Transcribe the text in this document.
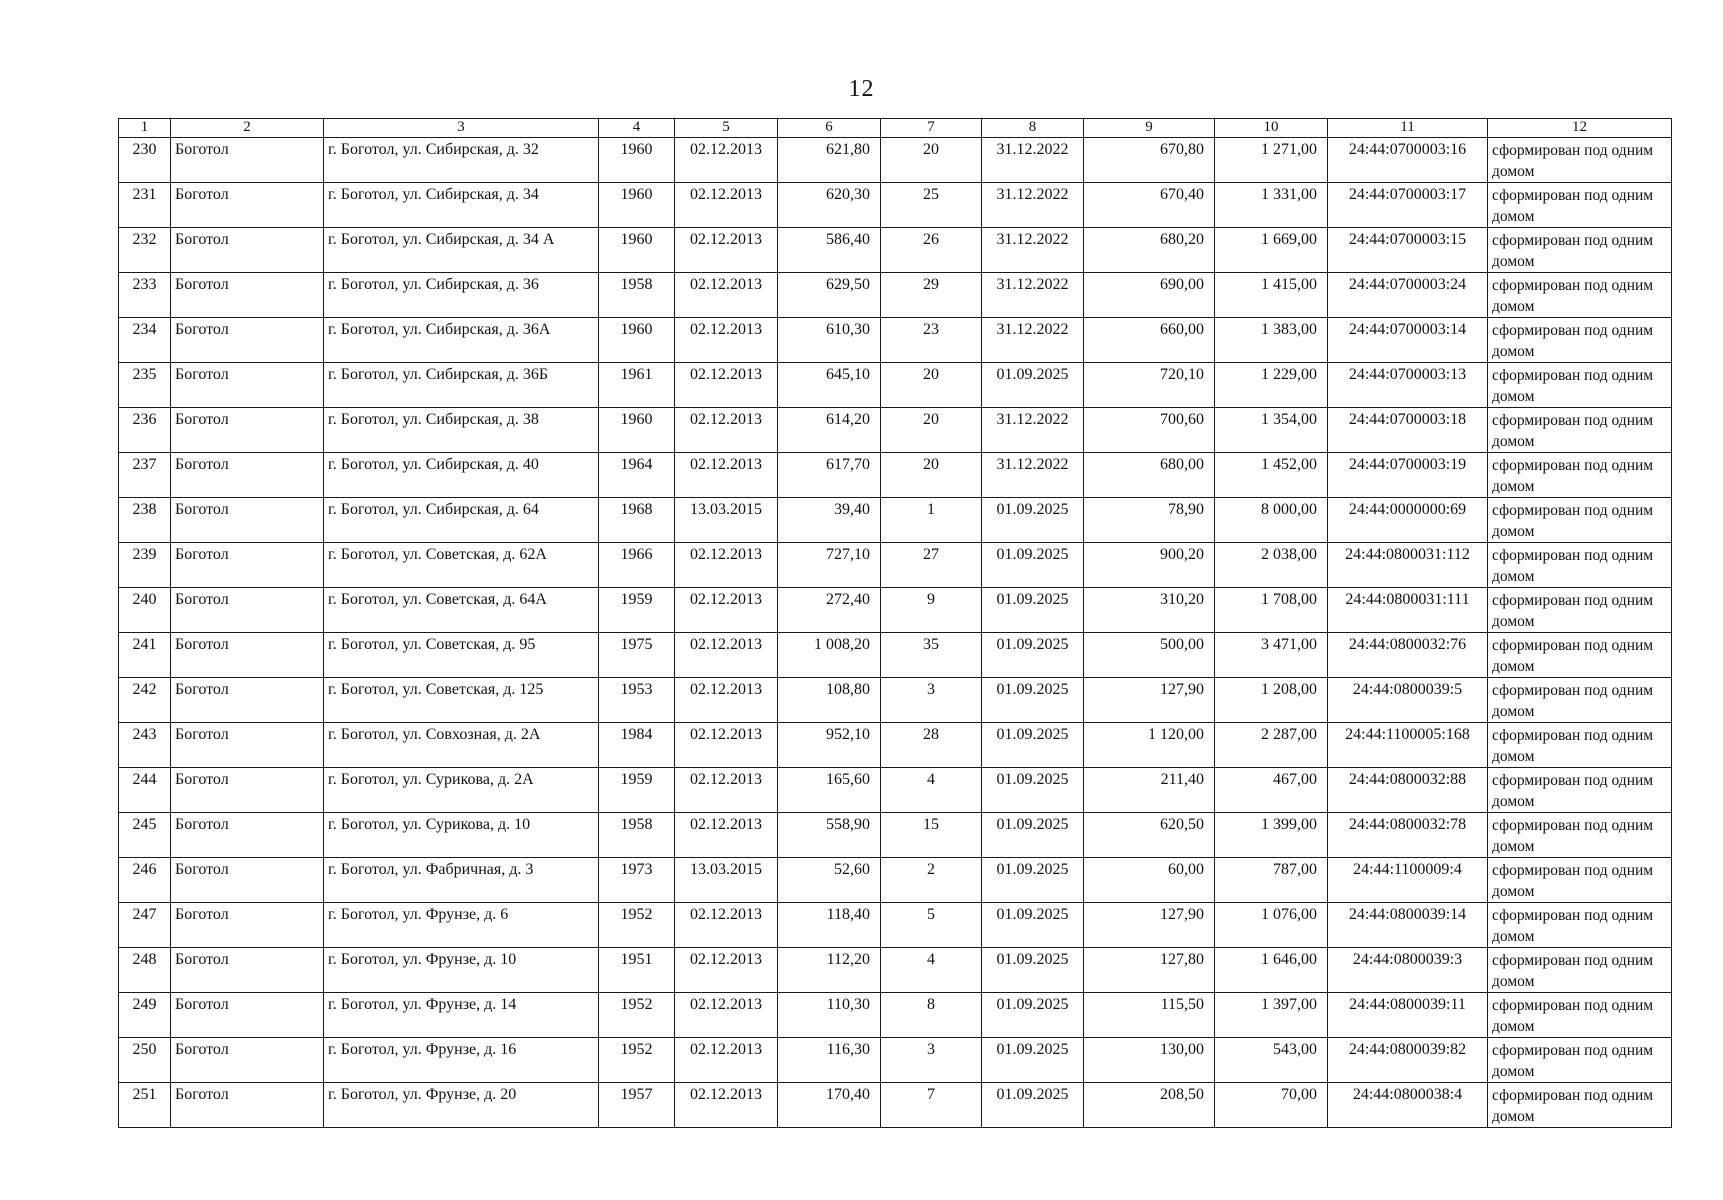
12
1	2	3	4	5	6	7	8	9	10	11	12
230	Боготол	г. Боготол, ул. Сибирская, д. 32	1960	02.12.2013	621,80	20	31.12.2022	670,80	1 271,00	24:44:0700003:16	сформирован под одним домом
231	Боготол	г. Боготол, ул. Сибирская, д. 34	1960	02.12.2013	620,30	25	31.12.2022	670,40	1 331,00	24:44:0700003:17	сформирован под одним домом
232	Боготол	г. Боготол, ул. Сибирская, д. 34 А	1960	02.12.2013	586,40	26	31.12.2022	680,20	1 669,00	24:44:0700003:15	сформирован под одним домом
233	Боготол	г. Боготол, ул. Сибирская, д. 36	1958	02.12.2013	629,50	29	31.12.2022	690,00	1 415,00	24:44:0700003:24	сформирован под одним домом
234	Боготол	г. Боготол, ул. Сибирская, д. 36А	1960	02.12.2013	610,30	23	31.12.2022	660,00	1 383,00	24:44:0700003:14	сформирован под одним домом
235	Боготол	г. Боготол, ул. Сибирская, д. 36Б	1961	02.12.2013	645,10	20	01.09.2025	720,10	1 229,00	24:44:0700003:13	сформирован под одним домом
236	Боготол	г. Боготол, ул. Сибирская, д. 38	1960	02.12.2013	614,20	20	31.12.2022	700,60	1 354,00	24:44:0700003:18	сформирован под одним домом
237	Боготол	г. Боготол, ул. Сибирская, д. 40	1964	02.12.2013	617,70	20	31.12.2022	680,00	1 452,00	24:44:0700003:19	сформирован под одним домом
238	Боготол	г. Боготол, ул. Сибирская, д. 64	1968	13.03.2015	39,40	1	01.09.2025	78,90	8 000,00	24:44:0000000:69	сформирован под одним домом
239	Боготол	г. Боготол, ул. Советская, д. 62А	1966	02.12.2013	727,10	27	01.09.2025	900,20	2 038,00	24:44:0800031:112	сформирован под одним домом
240	Боготол	г. Боготол, ул. Советская, д. 64А	1959	02.12.2013	272,40	9	01.09.2025	310,20	1 708,00	24:44:0800031:111	сформирован под одним домом
241	Боготол	г. Боготол, ул. Советская, д. 95	1975	02.12.2013	1 008,20	35	01.09.2025	500,00	3 471,00	24:44:0800032:76	сформирован под одним домом
242	Боготол	г. Боготол, ул. Советская, д. 125	1953	02.12.2013	108,80	3	01.09.2025	127,90	1 208,00	24:44:0800039:5	сформирован под одним домом
243	Боготол	г. Боготол, ул. Совхозная, д. 2А	1984	02.12.2013	952,10	28	01.09.2025	1 120,00	2 287,00	24:44:1100005:168	сформирован под одним домом
244	Боготол	г. Боготол, ул. Сурикова, д. 2А	1959	02.12.2013	165,60	4	01.09.2025	211,40	467,00	24:44:0800032:88	сформирован под одним домом
245	Боготол	г. Боготол, ул. Сурикова, д. 10	1958	02.12.2013	558,90	15	01.09.2025	620,50	1 399,00	24:44:0800032:78	сформирован под одним домом
246	Боготол	г. Боготол, ул. Фабричная, д. 3	1973	13.03.2015	52,60	2	01.09.2025	60,00	787,00	24:44:1100009:4	сформирован под одним домом
247	Боготол	г. Боготол, ул. Фрунзе, д. 6	1952	02.12.2013	118,40	5	01.09.2025	127,90	1 076,00	24:44:0800039:14	сформирован под одним домом
248	Боготол	г. Боготол, ул. Фрунзе, д. 10	1951	02.12.2013	112,20	4	01.09.2025	127,80	1 646,00	24:44:0800039:3	сформирован под одним домом
249	Боготол	г. Боготол, ул. Фрунзе, д. 14	1952	02.12.2013	110,30	8	01.09.2025	115,50	1 397,00	24:44:0800039:11	сформирован под одним домом
250	Боготол	г. Боготол, ул. Фрунзе, д. 16	1952	02.12.2013	116,30	3	01.09.2025	130,00	543,00	24:44:0800039:82	сформирован под одним домом
251	Боготол	г. Боготол, ул. Фрунзе, д. 20	1957	02.12.2013	170,40	7	01.09.2025	208,50	70,00	24:44:0800038:4	сформирован под одним домом
